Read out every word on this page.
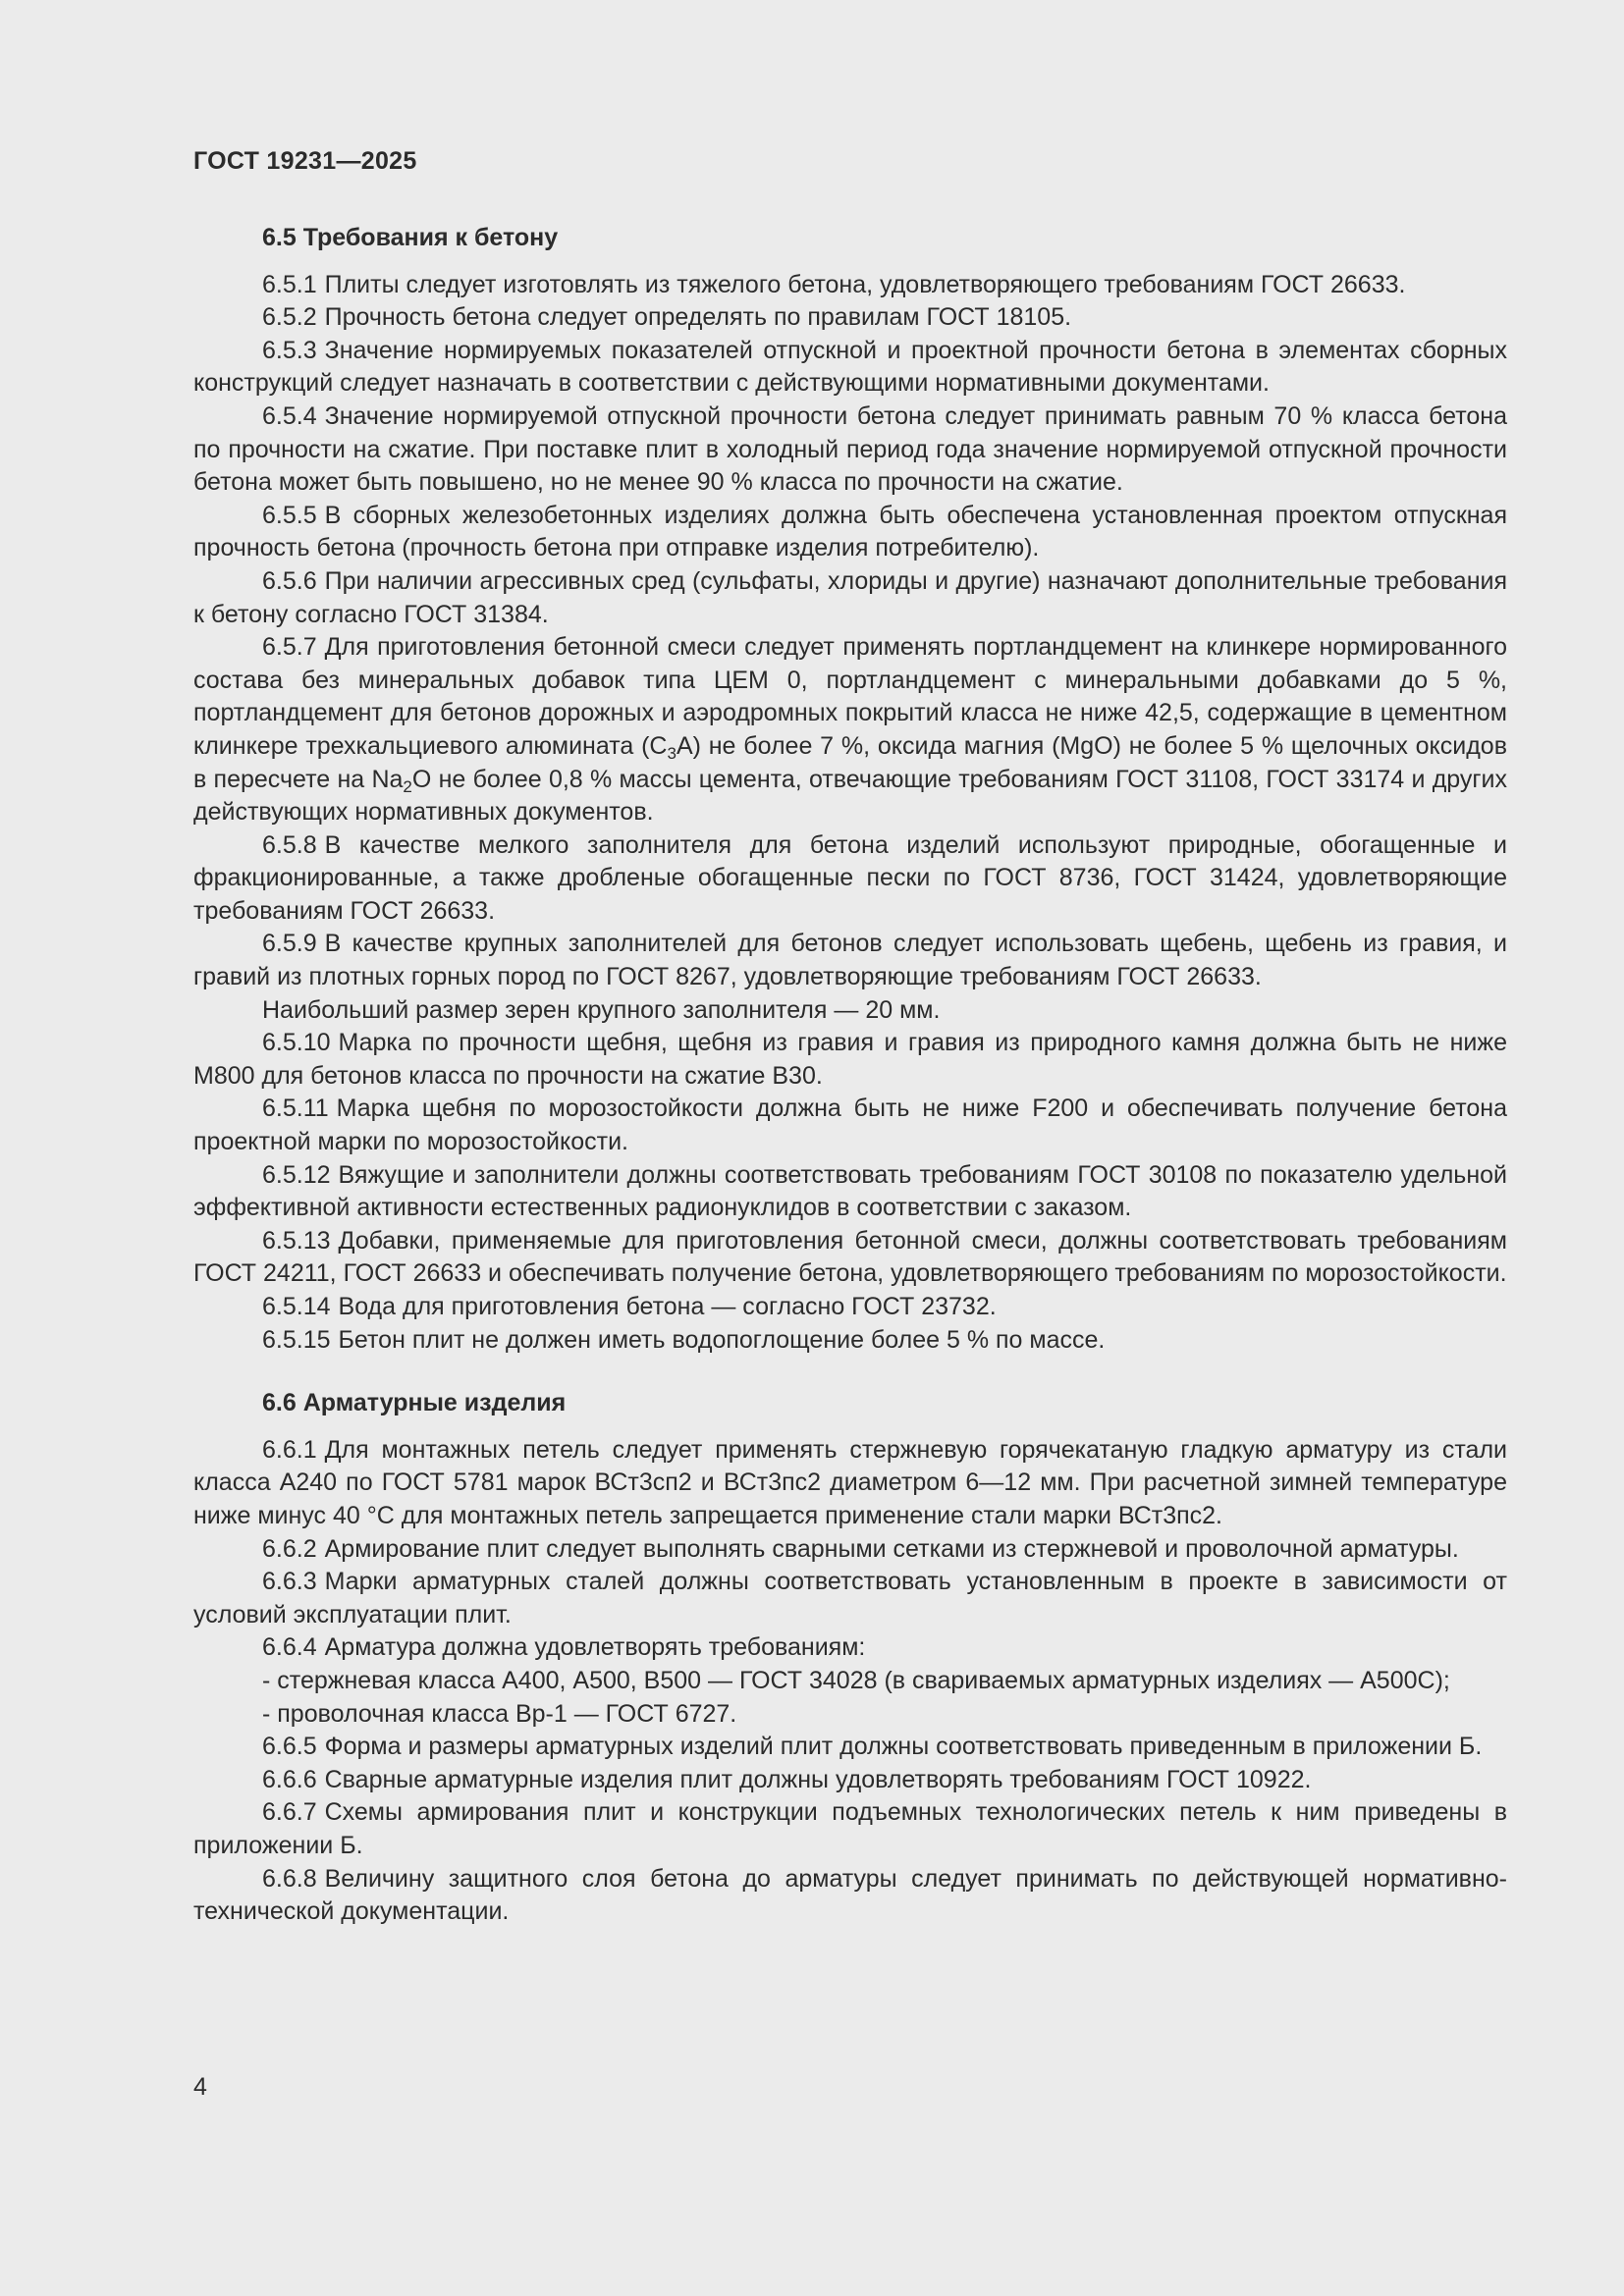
ГОСТ 19231—2025
6.5 Требования к бетону

6.5.1 Плиты следует изготовлять из тяжелого бетона, удовлетворяющего требованиям ГОСТ 26633.

6.5.2 Прочность бетона следует определять по правилам ГОСТ 18105.

6.5.3 Значение нормируемых показателей отпускной и проектной прочности бетона в элементах сборных конструкций следует назначать в соответствии с действующими нормативными документами.

6.5.4 Значение нормируемой отпускной прочности бетона следует принимать равным 70 % класса бетона по прочности на сжатие. При поставке плит в холодный период года значение нормируемой отпускной прочности бетона может быть повышено, но не менее 90 % класса по прочности на сжатие.

6.5.5 В сборных железобетонных изделиях должна быть обеспечена установленная проектом отпускная прочность бетона (прочность бетона при отправке изделия потребителю).

6.5.6 При наличии агрессивных сред (сульфаты, хлориды и другие) назначают дополнительные требования к бетону согласно ГОСТ 31384.

6.5.7 Для приготовления бетонной смеси следует применять портландцемент на клинкере нормированного состава без минеральных добавок типа ЦЕМ 0, портландцемент с минеральными добавками до 5 %, портландцемент для бетонов дорожных и аэродромных покрытий класса не ниже 42,5, содержащие в цементном клинкере трехкальциевого алюмината $(C_3A)$ не более 7 %, оксида магния (MgO) не более 5 % щелочных оксидов в пересчете на $Na_2O$ не более 0,8 % массы цемента, отвечающие требованиям ГОСТ 31108, ГОСТ 33174 и других действующих нормативных документов.

6.5.8 В качестве мелкого заполнителя для бетона изделий используют природные, обогащенные и фракционированные, а также дробленые обогащенные пески по ГОСТ 8736, ГОСТ 31424, удовлетворяющие требованиям ГОСТ 26633.

6.5.9 В качестве крупных заполнителей для бетонов следует использовать щебень, щебень из гравия, и гравий из плотных горных пород по ГОСТ 8267, удовлетворяющие требованиям ГОСТ 26633.

Наибольший размер зерен крупного заполнителя — 20 мм.

6.5.10 Марка по прочности щебня, щебня из гравия и гравия из природного камня должна быть не ниже М800 для бетонов класса по прочности на сжатие В30.

6.5.11 Марка щебня по морозостойкости должна быть не ниже F200 и обеспечивать получение бетона проектной марки по морозостойкости.

6.5.12 Вяжущие и заполнители должны соответствовать требованиям ГОСТ 30108 по показателю удельной эффективной активности естественных радионуклидов в соответствии с заказом.

6.5.13 Добавки, применяемые для приготовления бетонной смеси, должны соответствовать требованиям ГОСТ 24211, ГОСТ 26633 и обеспечивать получение бетона, удовлетворяющего требованиям по морозостойкости.

6.5.14 Вода для приготовления бетона — согласно ГОСТ 23732.

6.5.15 Бетон плит не должен иметь водопоглощение более 5 % по массе.

6.6 Арматурные изделия

6.6.1 Для монтажных петель следует применять стержневую горячекатаную гладкую арматуру из стали класса А240 по ГОСТ 5781 марок ВСт3сп2 и ВСт3пс2 диаметром 6—12 мм. При расчетной зимней температуре ниже минус 40 °С для монтажных петель запрещается применение стали марки ВСт3пс2.

6.6.2 Армирование плит следует выполнять сварными сетками из стержневой и проволочной арматуры.

6.6.3 Марки арматурных сталей должны соответствовать установленным в проекте в зависимости от условий эксплуатации плит.

6.6.4 Арматура должна удовлетворять требованиям:

- стержневая класса А400, А500, В500 — ГОСТ 34028 (в свариваемых арматурных изделиях — А500С);

- проволочная класса Вр-1 — ГОСТ 6727.

6.6.5 Форма и размеры арматурных изделий плит должны соответствовать приведенным в приложении Б.

6.6.6 Сварные арматурные изделия плит должны удовлетворять требованиям ГОСТ 10922.

6.6.7 Схемы армирования плит и конструкции подъемных технологических петель к ним приведены в приложении Б.

6.6.8 Величину защитного слоя бетона до арматуры следует принимать по действующей нормативно-технической документации.

4
